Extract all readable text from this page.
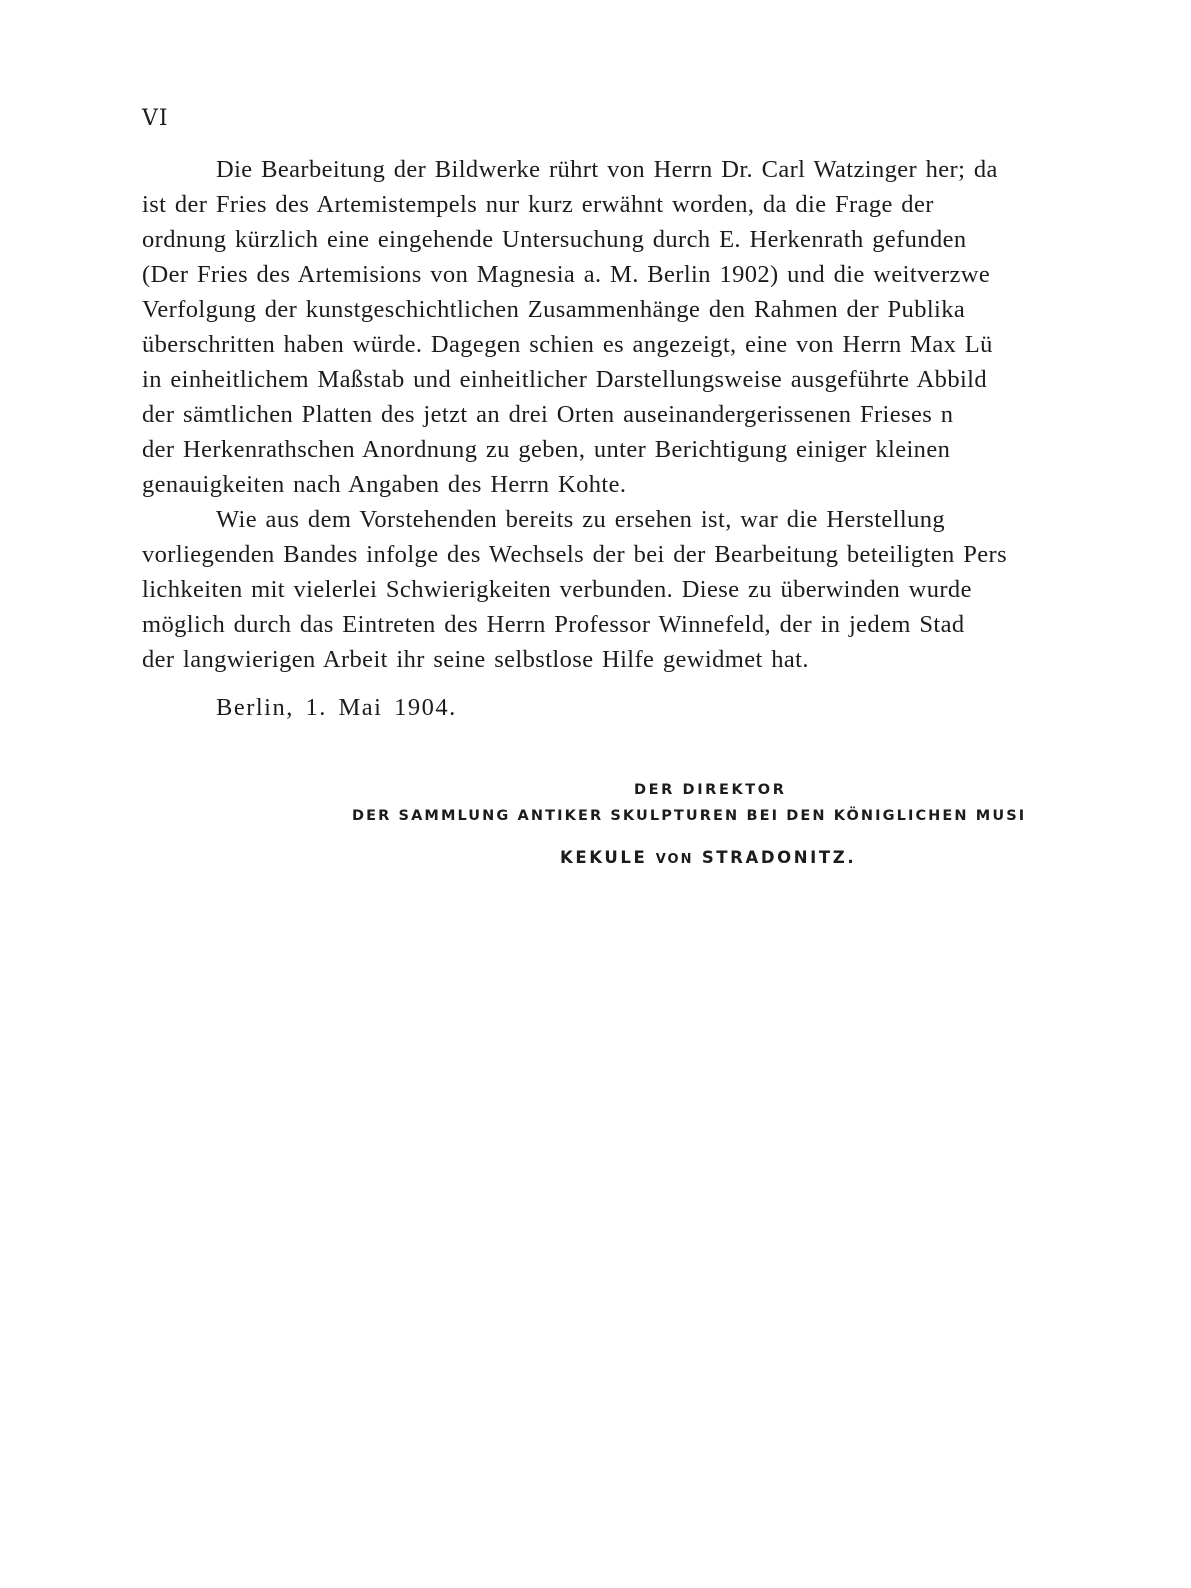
VI
Die Bearbeitung der Bildwerke rührt von Herrn Dr. Carl Watzinger her; da
ist der Fries des Artemistempels nur kurz erwähnt worden, da die Frage der
ordnung kürzlich eine eingehende Untersuchung durch E. Herkenrath gefunden
(Der Fries des Artemisions von Magnesia a. M. Berlin 1902) und die weitverzwe
Verfolgung der kunstgeschichtlichen Zusammenhänge den Rahmen der Publika
überschritten haben würde. Dagegen schien es angezeigt, eine von Herrn Max Lü
in einheitlichem Maßstab und einheitlicher Darstellungsweise ausgeführte Abbild
der sämtlichen Platten des jetzt an drei Orten auseinandergerissenen Frieses n
der Herkenrathschen Anordnung zu geben, unter Berichtigung einiger kleinen
genauigkeiten nach Angaben des Herrn Kohte.
Wie aus dem Vorstehenden bereits zu ersehen ist, war die Herstellung
vorliegenden Bandes infolge des Wechsels der bei der Bearbeitung beteiligten Pers
lichkeiten mit vielerlei Schwierigkeiten verbunden. Diese zu überwinden wurde
möglich durch das Eintreten des Herrn Professor Winnefeld, der in jedem Stad
der langwierigen Arbeit ihr seine selbstlose Hilfe gewidmet hat.
Berlin, 1. Mai 1904.
DER DIREKTOR
DER SAMMLUNG ANTIKER SKULPTUREN BEI DEN KÖNIGLICHEN MUSI
KEKULE VON STRADONITZ.
